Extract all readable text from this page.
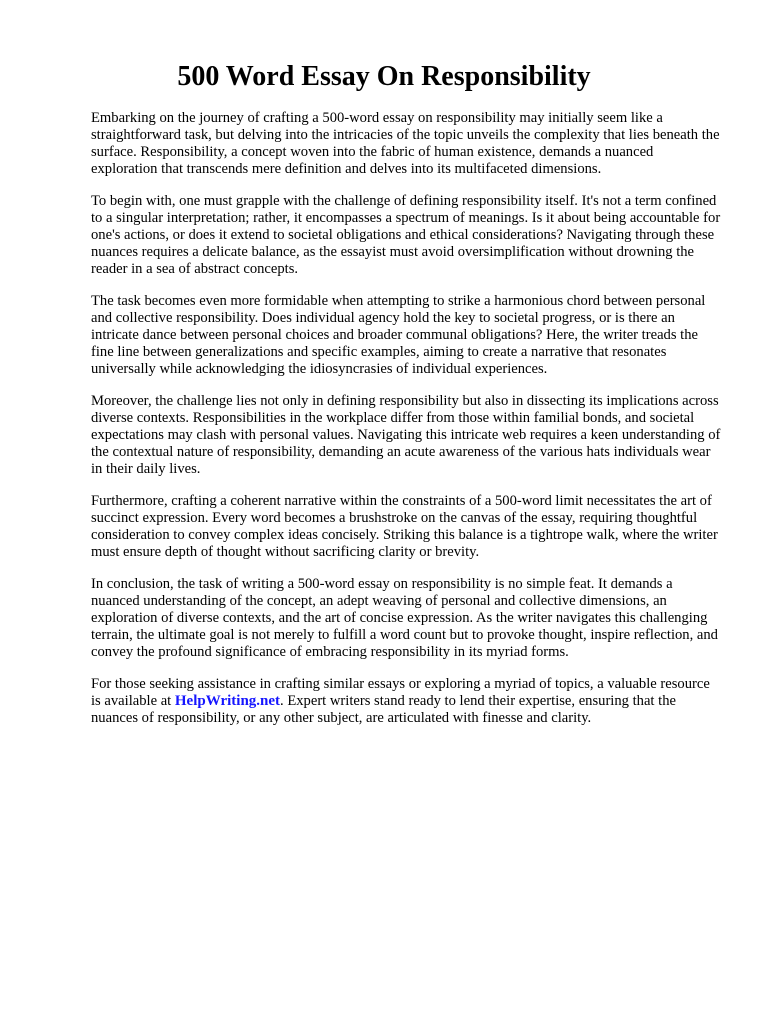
500 Word Essay On Responsibility

Embarking on the journey of crafting a 500-word essay on responsibility may initially seem like a straightforward task, but delving into the intricacies of the topic unveils the complexity that lies beneath the surface. Responsibility, a concept woven into the fabric of human existence, demands a nuanced exploration that transcends mere definition and delves into its multifaceted dimensions.

To begin with, one must grapple with the challenge of defining responsibility itself. It's not a term confined to a singular interpretation; rather, it encompasses a spectrum of meanings. Is it about being accountable for one's actions, or does it extend to societal obligations and ethical considerations? Navigating through these nuances requires a delicate balance, as the essayist must avoid oversimplification without drowning the reader in a sea of abstract concepts.

The task becomes even more formidable when attempting to strike a harmonious chord between personal and collective responsibility. Does individual agency hold the key to societal progress, or is there an intricate dance between personal choices and broader communal obligations? Here, the writer treads the fine line between generalizations and specific examples, aiming to create a narrative that resonates universally while acknowledging the idiosyncrasies of individual experiences.

Moreover, the challenge lies not only in defining responsibility but also in dissecting its implications across diverse contexts. Responsibilities in the workplace differ from those within familial bonds, and societal expectations may clash with personal values. Navigating this intricate web requires a keen understanding of the contextual nature of responsibility, demanding an acute awareness of the various hats individuals wear in their daily lives.

Furthermore, crafting a coherent narrative within the constraints of a 500-word limit necessitates the art of succinct expression. Every word becomes a brushstroke on the canvas of the essay, requiring thoughtful consideration to convey complex ideas concisely. Striking this balance is a tightrope walk, where the writer must ensure depth of thought without sacrificing clarity or brevity.

In conclusion, the task of writing a 500-word essay on responsibility is no simple feat. It demands a nuanced understanding of the concept, an adept weaving of personal and collective dimensions, an exploration of diverse contexts, and the art of concise expression. As the writer navigates this challenging terrain, the ultimate goal is not merely to fulfill a word count but to provoke thought, inspire reflection, and convey the profound significance of embracing responsibility in its myriad forms.

For those seeking assistance in crafting similar essays or exploring a myriad of topics, a valuable resource is available at HelpWriting.net. Expert writers stand ready to lend their expertise, ensuring that the nuances of responsibility, or any other subject, are articulated with finesse and clarity.
